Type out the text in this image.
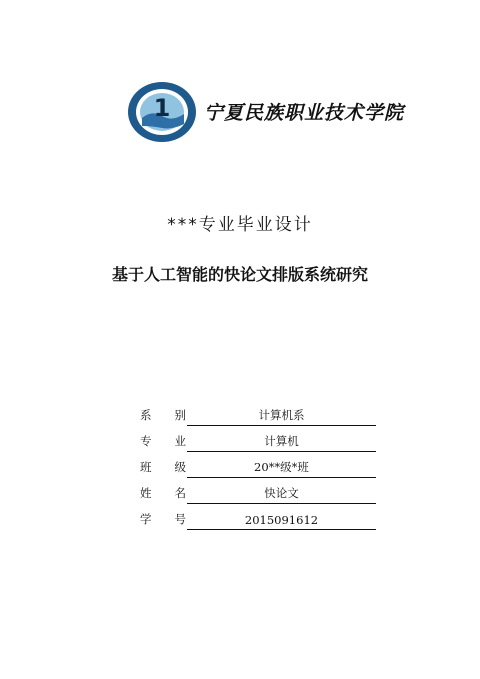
1 宁夏民族职业技术学院
***专业毕业设计
基于人工智能的快论文排版系统研究
系 别	计算机系
专 业	计算机
班 级	20**级*班
姓 名	快论文
学 号	2015091612
